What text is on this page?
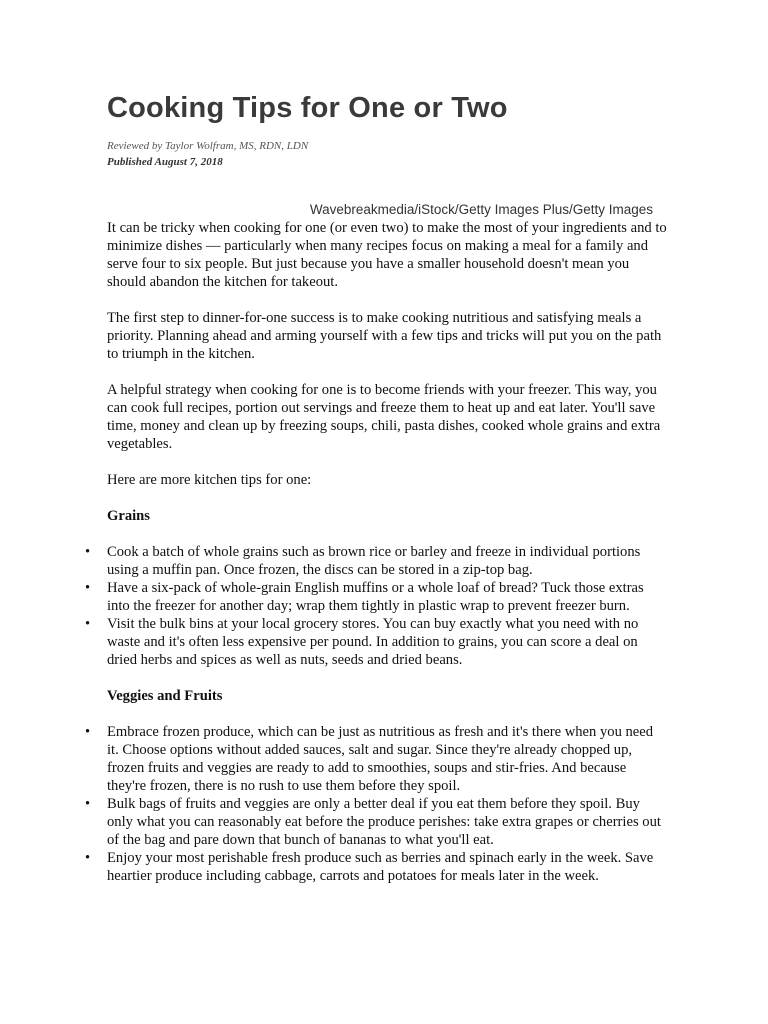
Cooking Tips for One or Two
Reviewed by Taylor Wolfram, MS, RDN, LDN
Published August 7, 2018
Wavebreakmedia/iStock/Getty Images Plus/Getty Images

It can be tricky when cooking for one (or even two) to make the most of your ingredients and to minimize dishes — particularly when many recipes focus on making a meal for a family and serve four to six people. But just because you have a smaller household doesn't mean you should abandon the kitchen for takeout.

The first step to dinner-for-one success is to make cooking nutritious and satisfying meals a priority. Planning ahead and arming yourself with a few tips and tricks will put you on the path to triumph in the kitchen.

A helpful strategy when cooking for one is to become friends with your freezer. This way, you can cook full recipes, portion out servings and freeze them to heat up and eat later. You'll save time, money and clean up by freezing soups, chili, pasta dishes, cooked whole grains and extra vegetables.

Here are more kitchen tips for one:

Grains
• Cook a batch of whole grains such as brown rice or barley and freeze in individual portions using a muffin pan. Once frozen, the discs can be stored in a zip-top bag.
• Have a six-pack of whole-grain English muffins or a whole loaf of bread? Tuck those extras into the freezer for another day; wrap them tightly in plastic wrap to prevent freezer burn.
• Visit the bulk bins at your local grocery stores. You can buy exactly what you need with no waste and it's often less expensive per pound. In addition to grains, you can score a deal on dried herbs and spices as well as nuts, seeds and dried beans.
Veggies and Fruits
• Embrace frozen produce, which can be just as nutritious as fresh and it's there when you need it. Choose options without added sauces, salt and sugar. Since they're already chopped up, frozen fruits and veggies are ready to add to smoothies, soups and stir-fries. And because they're frozen, there is no rush to use them before they spoil.
• Bulk bags of fruits and veggies are only a better deal if you eat them before they spoil. Buy only what you can reasonably eat before the produce perishes: take extra grapes or cherries out of the bag and pare down that bunch of bananas to what you'll eat.
• Enjoy your most perishable fresh produce such as berries and spinach early in the week. Save heartier produce including cabbage, carrots and potatoes for meals later in the week.
